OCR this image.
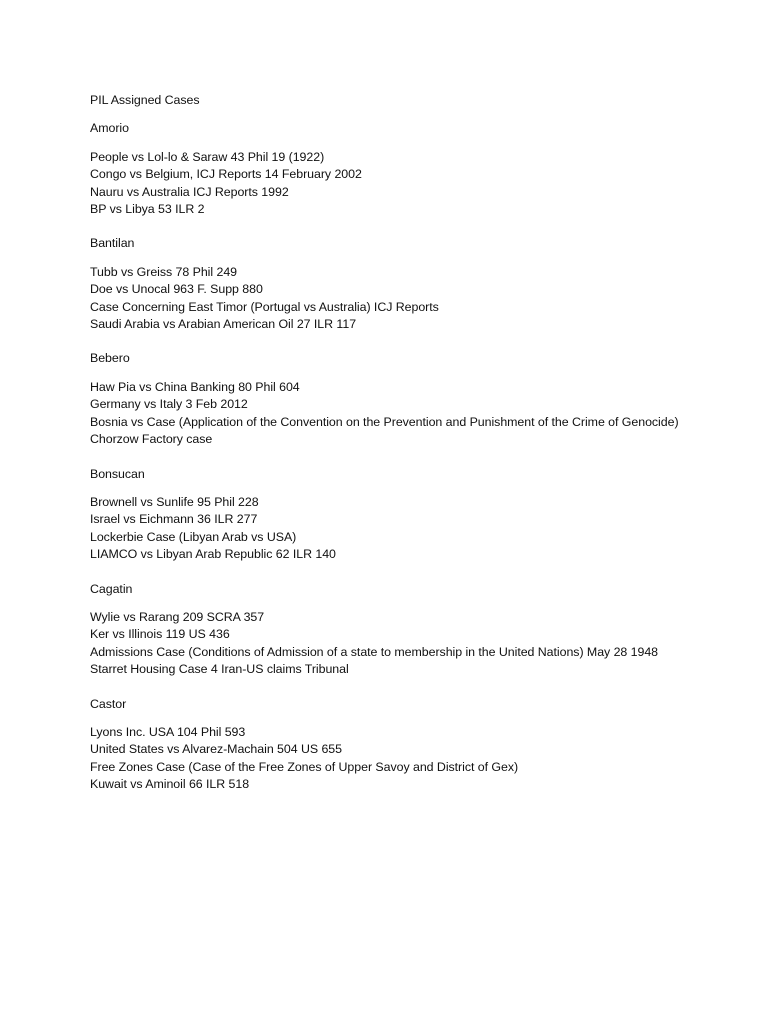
PIL Assigned Cases
Amorio
People vs Lol-lo & Saraw 43 Phil 19 (1922)
Congo vs Belgium, ICJ Reports 14 February 2002
Nauru vs Australia ICJ Reports 1992
BP vs Libya 53 ILR 2
Bantilan
Tubb vs Greiss 78 Phil 249
Doe vs Unocal 963 F. Supp 880
Case Concerning East Timor (Portugal vs Australia) ICJ Reports
Saudi Arabia vs Arabian American Oil 27 ILR 117
Bebero
Haw Pia vs China Banking 80 Phil 604
Germany vs Italy 3 Feb 2012
Bosnia vs Case (Application of the Convention on the Prevention and Punishment of the Crime of Genocide)
Chorzow Factory case
Bonsucan
Brownell vs Sunlife 95 Phil 228
Israel vs Eichmann 36 ILR 277
Lockerbie Case (Libyan Arab vs USA)
LIAMCO vs Libyan Arab Republic 62 ILR 140
Cagatin
Wylie vs Rarang 209 SCRA 357
Ker vs Illinois 119 US 436
Admissions Case (Conditions of Admission of a state to membership in the United Nations) May 28 1948
Starret Housing Case 4 Iran-US claims Tribunal
Castor
Lyons Inc. USA 104 Phil 593
United States vs Alvarez-Machain 504 US 655
Free Zones Case (Case of the Free Zones of Upper Savoy and District of Gex)
Kuwait vs Aminoil 66 ILR 518
